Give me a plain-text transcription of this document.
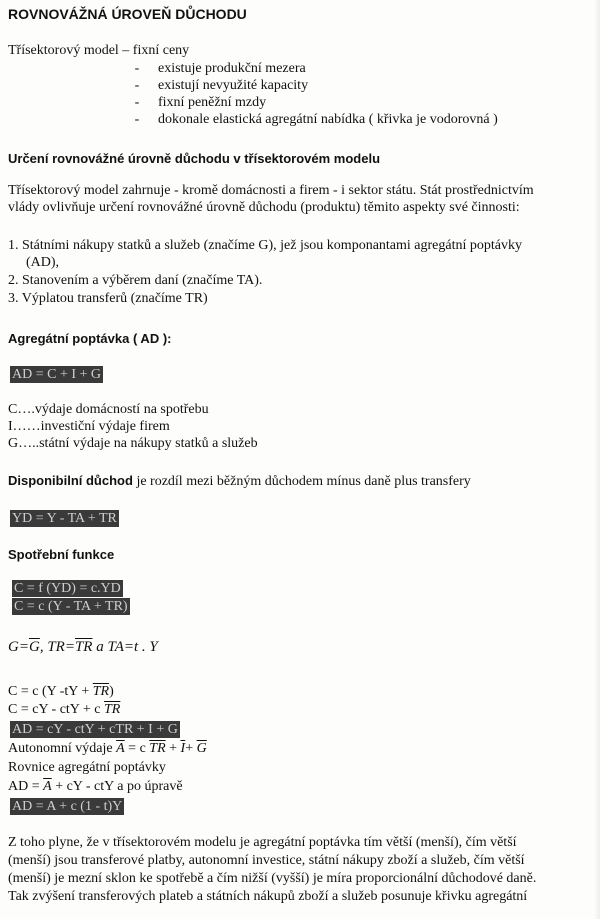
ROVNOVÁŽNÁ ÚROVEŇ DŮCHODU
Třísektorový model – fixní ceny
- existuje produkční mezera
- existují nevyužité kapacity
- fixní peněžní mzdy
- dokonale elastická agregátní nabídka ( křivka je vodorovná )
Určení rovnovážné úrovně důchodu v třísektorovém modelu
Třísektorový model zahrnuje - kromě domácnosti a firem - i sektor státu. Stát prostřednictvím
vlády ovlivňuje určení rovnovážné úrovně důchodu (produktu) těmito aspekty své činnosti:
1. Státními nákupy statků a služeb (značíme G), jež jsou komponantami agregátní poptávky
(AD),
2. Stanovením a výběrem daní (značíme TA).
3. Výplatou transferů (značíme TR)
Agregátní poptávka ( AD ):
AD = C + I + G
C….výdaje domácností na spotřebu
I……investiční výdaje firem
G…..státní výdaje na nákupy statků a služeb
Disponibilní důchod je rozdíl mezi běžným důchodem mínus daně plus transfery
YD = Y - TA + TR
Spotřební funkce
C = f (YD) = c.YD
C = c (Y - TA + TR)
$G=\overline{G}$, $TR=\overline{TR}$ a TA=t . Y
C = c (Y $-tY + \overline{TR}$)
C = cY - ctY + c $\overline{TR}$
AD = cY - ctY + cTR + I + G
Autonomní výdaje $\overline{A} = c$ $\overline{TR} + \overline{I}+ \overline{G}$
Rovnice agregátní poptávky
AD = $\overline{A}$ + cY - ctY a po úpravě
AD = A + c (1 - t)Y
Z toho plyne, že v třísektorovém modelu je agregátní poptávka tím větší (menší), čím větší
(menší) jsou transferové platby, autonomní investice, státní nákupy zboží a služeb, čím větší
(menší) je mezní sklon ke spotřebě a čím nižší (vyšší) je míra proporcionální důchodové daně.
Tak zvýšení transferových plateb a státních nákupů zboží a služeb posunuje křivku agregátní
